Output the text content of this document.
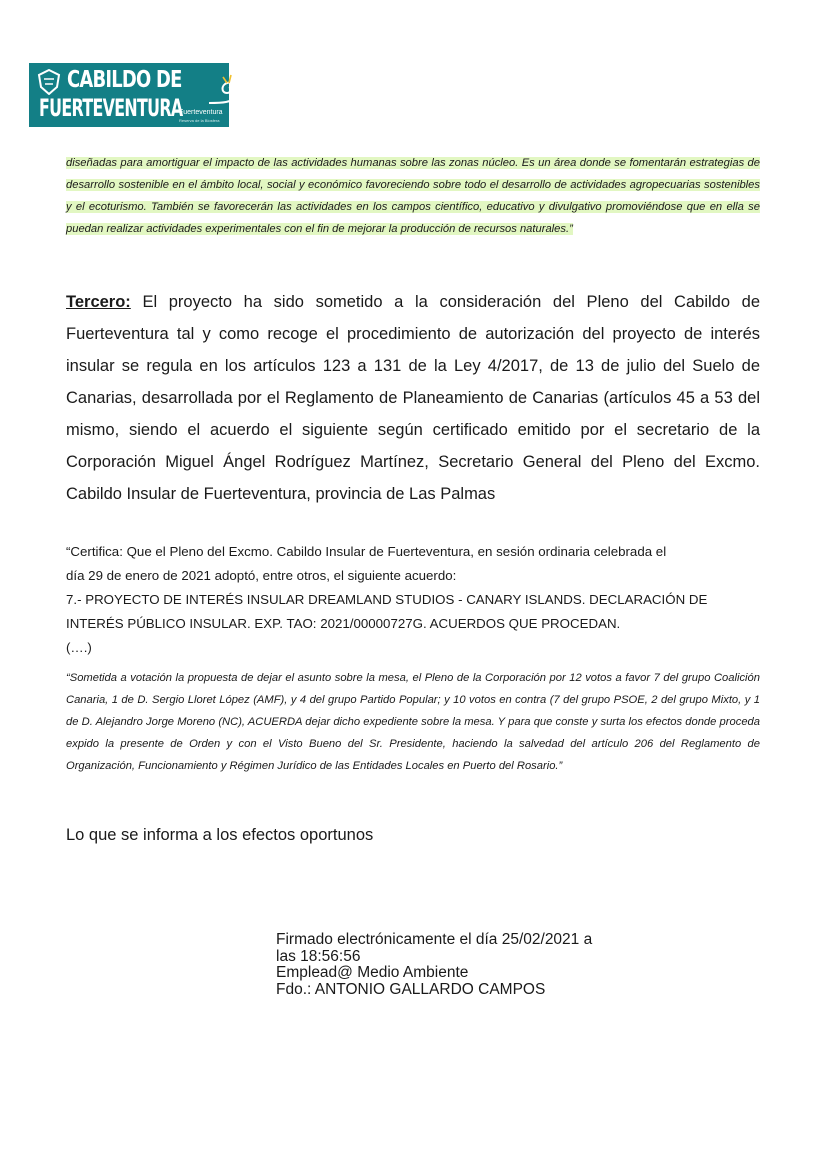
CABILDO DE
FUERTEVENTURA
Fuerteventura
Reserva de la Biosfera

diseñadas para amortiguar el impacto de las actividades humanas sobre las zonas núcleo. Es un área donde se fomentarán estrategias de desarrollo sostenible en el ámbito local, social y económico favoreciendo sobre todo el desarrollo de actividades agropecuarias sostenibles y el ecoturismo. También se favorecerán las actividades en los campos científico, educativo y divulgativo promoviéndose que en ella se puedan realizar actividades experimentales con el fin de mejorar la producción de recursos naturales.”

Tercero: El proyecto ha sido sometido a la consideración del Pleno del Cabildo de Fuerteventura tal y como recoge el procedimiento de autorización del proyecto de interés insular se regula en los artículos 123 a 131 de la Ley 4/2017, de 13 de julio del Suelo de Canarias, desarrollada por el Reglamento de Planeamiento de Canarias (artículos 45 a 53 del mismo, siendo el acuerdo el siguiente según certificado emitido por el secretario de la Corporación Miguel Ángel Rodríguez Martínez, Secretario General del Pleno del Excmo. Cabildo Insular de Fuerteventura, provincia de Las Palmas

“Certifica: Que el Pleno del Excmo. Cabildo Insular de Fuerteventura, en sesión ordinaria celebrada el

día 29 de enero de 2021 adoptó, entre otros, el siguiente acuerdo:

7.- PROYECTO DE INTERÉS INSULAR DREAMLAND STUDIOS - CANARY ISLANDS. DECLARACIÓN DE

INTERÉS PÚBLICO INSULAR. EXP. TAO: 2021/00000727G. ACUERDOS QUE PROCEDAN.

(….)

“Sometida a votación la propuesta de dejar el asunto sobre la mesa, el Pleno de la Corporación por 12 votos a favor 7 del grupo Coalición Canaria, 1 de D. Sergio Lloret López (AMF), y 4 del grupo Partido Popular; y 10 votos en contra (7 del grupo PSOE, 2 del grupo Mixto, y 1 de D. Alejandro Jorge Moreno (NC), ACUERDA dejar dicho expediente sobre la mesa. Y para que conste y surta los efectos donde proceda expido la presente de Orden y con el Visto Bueno del Sr. Presidente, haciendo la salvedad del artículo 206 del Reglamento de Organización, Funcionamiento y Régimen Jurídico de las Entidades Locales en Puerto del Rosario.”

Lo que se informa a los efectos oportunos
Firmado electrónicamente el día 25/02/2021 a
las 18:56:56
Emplead@ Medio Ambiente
Fdo.: ANTONIO GALLARDO CAMPOS
